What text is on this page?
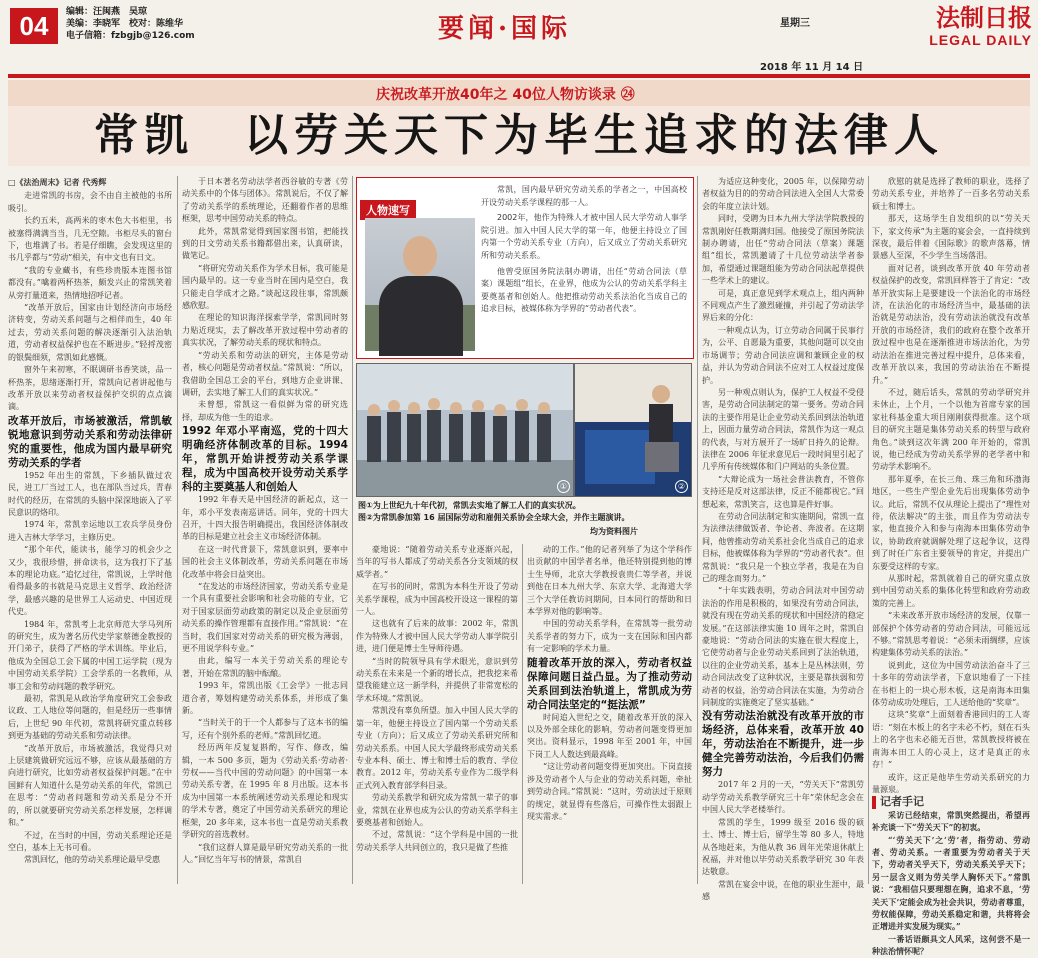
04	编辑：汪闽燕　吴琼
美编：李晓军　校对：陈维华
电子信箱：fzbgjb@126.com	要闻·国际	星期三	法制日报
LEGAL DAILY
2018 年 11 月 14 日
庆祝改革开放40年之 40位人物访谈录 ㉔
常凯　以劳关天下为毕生追求的法律人

□《法治周末》记者 代秀辉

走进常凯的书房，会不由自主被他的书所吸引。

长约五米，高两米的枣木色大书柜里，书被塞得满满当当，几无空隙。书柜尽头的窗台下，也堆满了书。若是仔细瞧，会发现这里的书几乎都与“劳动”相关，有中文也有日文。

“我的专业藏书，有些珍贵版本连图书馆都没有。”噙着两杯热茶，颇发兴止的常凯笑着从旁打量道来，热情地招呼记者。

“改革开放后，国家由计划经济向市场经济转变，劳动关系问题与之相伴而生，40 年过去，劳动关系问题的解决逐渐引入法治轨道，劳动者权益保护也在不断进步。”轻捋茂密的银鬓细须，常凯如此感慨。

窗外午来初寒，不眠调研书香笑谈，品一杯热茶，思绪逐渐打开，常凯向记者讲起他与改革开放以来劳动者权益保护交织的点点滴滴。

改革开放后，市场被激活，常凯敏锐地意识到劳动关系和劳动法律研究的重要性，他成为国内最早研究劳动关系的学者

1952 年出生的常凯，下乡插队做过农民，进工厂当过工人，也在部队当过兵，青春时代的经历，在常凯的头脑中深深地嵌入了平民意识的烙印。

1974 年，常凯幸运地以工农兵学员身份进入吉林大学学习，主修历史。

“那个年代，能读书，能学习的机会少之又少，我很珍惜，拼命读书，这为我打下了基本的理论功底。”追忆过往，常凯说，上学时他看得最多的书就是马克思主义哲学、政治经济学，最感兴趣的是世界工人运动史、中国近现代史。

1984 年，常凯考上北京师范大学马列所的研究生，成为著名历代史学家蔡德金教授的开门弟子，获得了严格的学术训练。毕业后，他成为全国总工会下属的中国工运学院（现为中国劳动关系学院）工会学系的一名教师，从事工会和劳动问题的教学研究。

最初，常凯是从政治学角度研究工会参政议政、工人地位等问题的，但是经历一些事情后，上世纪 90 年代初，常凯将研究重点转移到更为基础的劳动关系和劳动法律。

“改革开放后，市场被激活，我觉得只对上层建筑做研究远远不够，应该从最基础的方向进行研究，比如劳动者权益保护问题。”在中国鲜有人知道什么是劳动关系的年代，常凯已在思考：“劳动者问题和劳动关系是分不开的，所以就要研究劳动关系怎样发展，怎样调和。”

不过，在当时的中国，劳动关系理论还是空白，基本上无书可看。

常凯回忆，他的劳动关系理论最早受惠

于日本著名劳动法学者西谷敏的专著《劳动关系中的个体与团体》。常凯说后，不仅了解了劳动关系学的系统理论，还翻着作者的思维框架，思考中国劳动关系的特点。

此外，常凯常觉得到国家图书馆，把能找到的日文劳动关系书籍都借出来，认真研读，做笔记。

“将研究劳动关系作为学术目标，我可能是国内最早的。这一专业当时在国内是空白，我只能走自学成才之路。”谈起这段往事，常凯颇感欣慰。

在理论的知识海洋探索学学，常凯同时努力贴近现实，去了解改革开放过程中劳动者的真实状况，了解劳动关系的现状和特点。

“劳动关系和劳动法的研究，主体是劳动者，核心问题是劳动者权益。”常凯说：“所以，我借助全国总工会的平台，到地方企业讲课、调研，去实地了解工人们的真实状况。”

未曾想，常凯这一看似鲜为常的研究选择，却成为他一生的追求。

1992 年邓小平南巡，党的十四大明确经济体制改革的目标。1994 年，常凯开始讲授劳动关系学课程，成为中国高校开设劳动关系学科的主要奠基人和创始人

1992 年春天是中国经济的新起点，这一年，邓小平发表南巡讲话。同年，党的十四大召开，十四大报告明确提出，我国经济体制改革的目标是建立社会主义市场经济体制。

在这一时代背景下，常凯意识到，要率中国的社会主义体制改革，劳动关系问题在市场化改革中将会日益突出。

“在发达的市场经济国家，劳动关系专业是一个具有重要社会影响和社会功能的专业，它对于国家层面劳动政策的制定以及企业层面劳动关系的操作管理都有直接作用。”常凯说：“在当时，我们国家对劳动关系的研究极为薄弱，更不用说学科专业。”

由此，编写一本关于劳动关系的理论专著，开始在常凯的脑中酝酿。

1993 年，常凯出版《工会学》一批志同道合者，筹划构建劳动关系体系，并形成了集新。

“当时关于的于一个人都参与了这本书的编写，还有个别外系的老师。”常凯回忆道。

经历两年反复复斟酌，写作、修改，编辑，一本 500 多页，题为《劳动关系·劳动者·劳权——当代中国的劳动问题》的中国第一本劳动关系专著，在 1995 年 8 月出版。这本书成为中国第一本系统阐述劳动关系理论和现实的学术专著，奠定了中国劳动关系研究的理论框架，20 多年来，这本书也一直是劳动关系教学研究的首选教材。

“我们这群人算是最早研究劳动关系的一批人。”回忆当年写书的情景，常凯自

人物速写

常凯，国内最早研究劳动关系的学者之一，中国高校开设劳动关系学课程的那一人。

2002年，他作为特殊人才被中国人民大学劳动人事学院引进。加入中国人民大学的第一年，他便主持设立了国内第一个劳动关系专业（方向），后又成立了劳动关系研究所和劳动关系系。

他曾受原国务院法制办聘请，出任“劳动合同法（草案）课题组”组长，在业界，他成为公认的劳动关系学科主要奠基者和创始人。他把推动劳动关系法治化当成自己的追求目标，被媒体称为学界的“劳动者代表”。

①	②
图①为上世纪九十年代初，常凯去实地了解工人们的真实状况。
图②为常凯参加第 16 届国际劳动和雇佣关系协会全球大会，并作主题演讲。
均为资料图片

豪地说：“随着劳动关系专业逐渐兴起，当年的写书人都成了劳动关系各分支领域的权威学者。”

在写书的同时，常凯为本科生开设了劳动关系学课程，成为中国高校开设这一课程的第一人。

这也就有了后来的故事：2002 年，常凯作为特殊人才被中国人民大学劳动人事学院引进，进门便是博士生导师待遇。

“当时的院领导具有学术眼光，意识到劳动关系在未来是一个新的增长点，把我挖来希望我能建立这一新学科，并提供了非常宽松的学术环境。”常凯说。

常凯没有辜负所望。加入中国人民大学的第一年，他便主持设立了国内第一个劳动关系专业（方向）；后又成立了劳动关系研究所和劳动关系系。中国人民大学最终形成劳动关系专业本科、硕士、博士和博士后的教育、学位教育。2012 年，劳动关系专业作为二级学科正式列入教育部学科目录。

劳动关系教学和研究成为常凯一辈子的事业，常凯在业界也成为公认的劳动关系学科主要奠基者和创始人。

不过，常凯说：“这个学科是中国的一批劳动关系学人共同创立的，我只是做了些推

动的工作。”他的记者列举了为这个学科作出贡献的中国学者名单，他还特别提到他的博士生导师，北京大学教授袁贵仁等学者，并说到他在日本九州大学、东京大学、北海道大学三个大学任教访问期间，日本同行的帮助和日本学界对他的影响等。

中国的劳动关系学科，在常凯等一批劳动关系学者的努力下，成为一支在国际和国内都有一定影响的学术力量。

随着改革开放的深入，劳动者权益保障问题日益凸显。为了推动劳动关系回到法治轨道上，常凯成为劳动合同法坚定的“挺法派”

时间追入世纪之交，随着改革开放的深入以及外部全球化的影响，劳动者问题变得更加突出。资料显示，1998 年至 2001 年，中国下岗工人人数达到最高峰。

“这让劳动者问题变得更加突出。下岗直接涉及劳动者个人与企业的劳动关系问题，牵扯到劳动合同。”常凯说：“这时，劳动法过于原则的规定，就显得有些落后，可操作性太弱跟上现实需求。”

为适应这种变化，2005 年，以保障劳动者权益为目的的劳动合同法进入全国人大常委会的年度立法计划。

同时，受聘为日本九州大学法学院教授的常凯刚好任教期满归国。他接受了原国务院法制办聘请，出任“劳动合同法（草案）课题组”组长，常凯邀请了十几位劳动法学者参加，希望通过课题组能为劳动合同法起草提供一些学术上的建议。

可是，真正意见到学术观点上，组内两种不同观点产生了激烈碰撞，并引起了劳动法学界后来的分化：

一种观点认为，订立劳动合同属于民事行为，公平、自愿最为重要，其他问题可以交由市场调节；劳动合同法应调和兼顾企业的权益，并认为劳动合同法不应对工人权益过度保护。

另一种观点则认为，保护工人权益不受侵害，是劳动合同法制定的第一要务。劳动合同法的主要作用是让企业劳动关系回到法治轨道上，因面力量劳动合同法，常凯作为这一观点的代表，与对方展开了一场旷日持久的论辩。法律在 2006 年征求意见后一段时间里引起了几乎所有传统媒体和门户网站的头条位置。

“大辩论成为一场社会普法教育，不管你支持还是反对这部法律，反正不能都视它。”回想起来，常凯笑言，这也算是件好事。

在劳动合同法制定和实施期间，常凯一直为法律法律做饭者、争论者、奔波者。在这期间，他曾推动劳动关系社会化当成自己的追求目标，他被媒体称为学界的“劳动者代表”。但常凯说：“我只是一个独立学者，我是在为自己的理念而努力。”

“十年实践表明，劳动合同法对中国劳动法治的作用是积极的，如果没有劳动合同法，就没有现在劳动关系的现状和中国经济的稳定发展。”在这部法律实施 10 周年之时，常凯自豪地说：“劳动合同法的实施在很大程度上，它使劳动者与企业劳动关系回到了法治轨道，以往的企业劳动关系，基本上是丛林法则，劳动合同法改变了这种状况，主要是靠扶弱和劳动者的权益，治劳动合同法在实施，为劳动合同制度的实施奠定了坚实基础。”

没有劳动法治就没有改革开放的市场经济，总体来看，改革开放 40 年，劳动法治在不断提升，进一步健全完善劳动法治，今后我们仍需努力

2017 年 2 月的一天，“劳关天下”常凯劳动学劳动关系教学研究三十年”荣休纪念会在中国人民大学老楼举行。

常凯的学生，1999 级至 2016 级的硕士、博士、博士后，留学生等 80 多人，特地从各地赶来，为他从教 36 周年光荣退休献上祝福，并对他以毕劳动关系教学研究 30 年表达敬意。

常凯在宴会中说，在他的职业生涯中，最感

欣慰的就是选择了教师的职业，选择了劳动关系专业，并培养了一百多名劳动关系硕士和博士。

那天，这场学生自发组织的以“劳关天下，家文传承”为主题的宴会会，一直持续到深夜，最后伴着《国际歌》的歌声落幕，情景感人至深，不少学生当场落泪。

面对记者，谈到改革开放 40 年劳动者权益保护的改变，常凯回样答于了肯定：“改革开放实际上是要建设一个法治化的市场经济，在法治化的市场经济当中，最基础的法治就是劳动法治，没有劳动法治就没有改革开放的市场经济，我们的政府在整个改革开放过程中也是在逐渐推进市场法治化，为劳动法治在推进完善过程中提升，总体来看，改革开放以来，我国的劳动法治在不断提升。”

不过，随后话头，常凯的劳动学研究并未休止，上个月，一个以他为首席专家的国家社科基金重大项目刚刚获得批准。这个项目的研究主题是集体劳动关系的转型与政府角色。”谈到这次年满 200 年开始的，常凯说，他已经成为劳动关系学界的老学者中和劳动学术影响不。

那年夏季，在长三角、珠三角和环渤海地区，一些生产型企业先后出现集体劳动争议。此后，常凯不仅从理论上提出了“理性对待，依法解决”的主张，而且作为劳动法专家，他直接介入和参与南海本田集体劳动争议，协助政府就调解处理了这起争议，这得到了时任广东省主要领导的肯定，并提出广东要受这样的专家。

从那时起，常凯就着自己的研究重点放到中国劳动关系的集体化转型和政府劳动政策的完善上。

“未来改革开放市场经济的发展，仅靠一部保护个体劳动者的劳动合同法，可能远远不够。”常凯思考着说：“必须未雨绸缪，应该构建集体劳动关系的法治。”

说到此，这位为中国劳动法治奋斗了三十多年的劳动法学者，下意识地看了一下挂在书柜上的一块心形木板，这是南海本田集体劳动成功处理后，工人送给他的“奖章”。

这块“奖章”上面刻着香港回归的工人寄语：“刻在木板上的名字未必不朽，刻在石头上的名字也未必能无百世，常凯教授将被在南海本田工人的心灵上，这才是真正的永存！”

或许，这正是他毕生劳动关系研究的力量源泉。

记者手记

采访已经结束，常凯突然提出，希望再补充谈一下“劳关天下”的初衷。

“‘劳关天下’之‘劳’者，指劳动、劳动者、劳动关系。一者重要为劳动者关于天下，劳动者关乎天下，劳动关系关乎天下；另一层含义则为劳关学人胸怀天下。”常凯说：“我相信只要理想在胸，追求不息，‘劳关天下’定能会成为社会共识，劳动者尊重，劳权能保障，劳动关系稳定和谐，共将将会正增进并实发展为现实。”

一番话语颇具文人风采，这何尝不是一种法治情怀呢？
